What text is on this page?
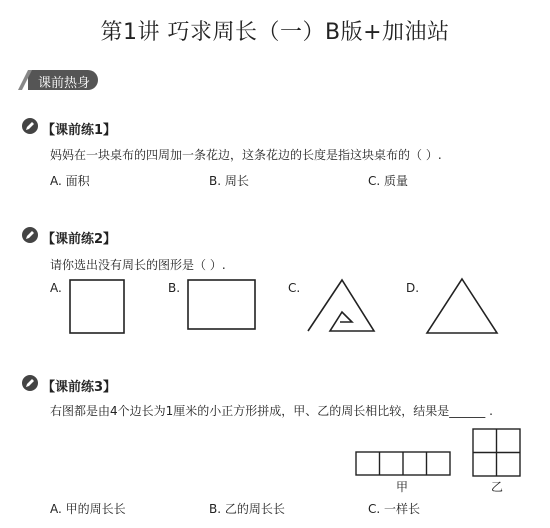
第1讲 巧求周长（一）B版+加油站
课前热身
【课前练1】
妈妈在一块桌布的四周加一条花边，这条花边的长度是指这块桌布的（ ）.
A. 面积	B. 周长	C. 质量
【课前练2】
请你选出没有周长的图形是（ ）.
A.	B.	C.	D.
【课前练3】
右图都是由4个边长为1厘米的小正方形拼成，甲、乙的周长相比较，结果是______ .
甲	乙
A. 甲的周长长	B. 乙的周长长	C. 一样长
